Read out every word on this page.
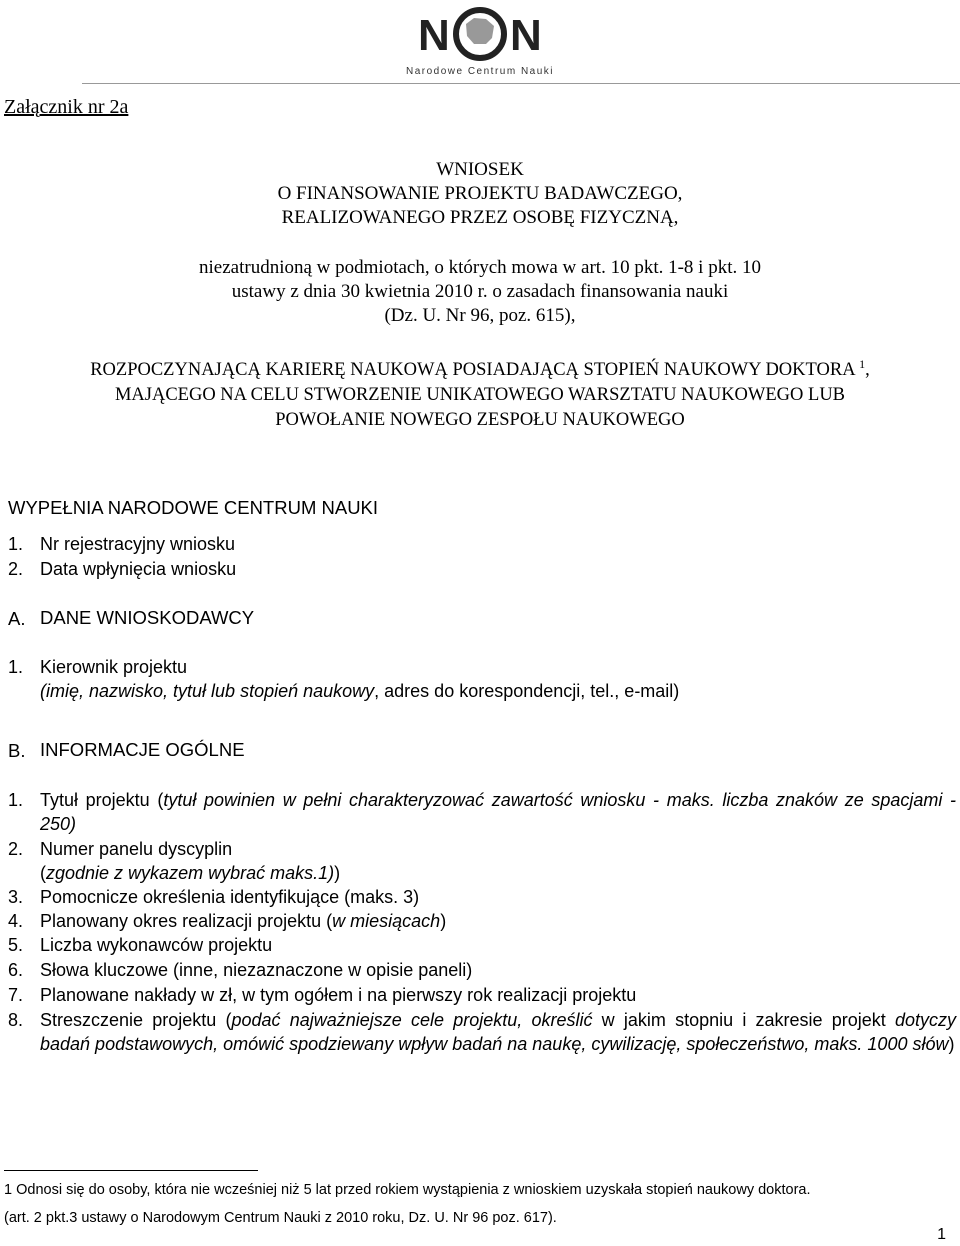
N N
Narodowe Centrum Nauki
Załącznik nr 2a
WNIOSEK
O FINANSOWANIE PROJEKTU BADAWCZEGO,
REALIZOWANEGO PRZEZ OSOBĘ FIZYCZNĄ,
niezatrudnioną w podmiotach, o których mowa w art. 10 pkt. 1-8 i pkt. 10
ustawy z dnia 30 kwietnia 2010 r. o zasadach finansowania nauki
(Dz. U. Nr 96, poz. 615),
ROZPOCZYNAJĄCĄ KARIERĘ NAUKOWĄ POSIADAJĄCĄ STOPIEŃ NAUKOWY DOKTORA $^1$,
MAJĄCEGO NA CELU STWORZENIE UNIKATOWEGO WARSZTATU NAUKOWEGO LUB
POWOŁANIE NOWEGO ZESPOŁU NAUKOWEGO
WYPEŁNIA NARODOWE CENTRUM NAUKI
1. Nr rejestracyjny wniosku
2. Data wpłynięcia wniosku
A. DANE WNIOSKODAWCY
1. Kierownik projektu
(imię, nazwisko, tytuł lub stopień naukowy, adres do korespondencji, tel., e-mail)
B. INFORMACJE OGÓLNE
1. Tytuł projektu (tytuł powinien w pełni charakteryzować zawartość wniosku - maks. liczba znaków ze spacjami - 250)
2. Numer panelu dyscyplin
(zgodnie z wykazem wybrać maks.1))
3. Pomocnicze określenia identyfikujące (maks. 3)
4. Planowany okres realizacji projektu (w miesiącach)
5. Liczba wykonawców projektu
6. Słowa kluczowe (inne, niezaznaczone w opisie paneli)
7. Planowane nakłady w zł, w tym ogółem i na pierwszy rok realizacji projektu
8. Streszczenie projektu (podać najważniejsze cele projektu, określić w jakim stopniu i zakresie projekt dotyczy badań podstawowych, omówić spodziewany wpływ badań na naukę, cywilizację, społeczeństwo, maks. 1000 słów)
1 Odnosi się do osoby, która nie wcześniej niż 5 lat przed rokiem wystąpienia z wnioskiem uzyskała stopień naukowy doktora.
(art. 2 pkt.3 ustawy o Narodowym Centrum Nauki z 2010 roku, Dz. U. Nr 96 poz. 617).
1
